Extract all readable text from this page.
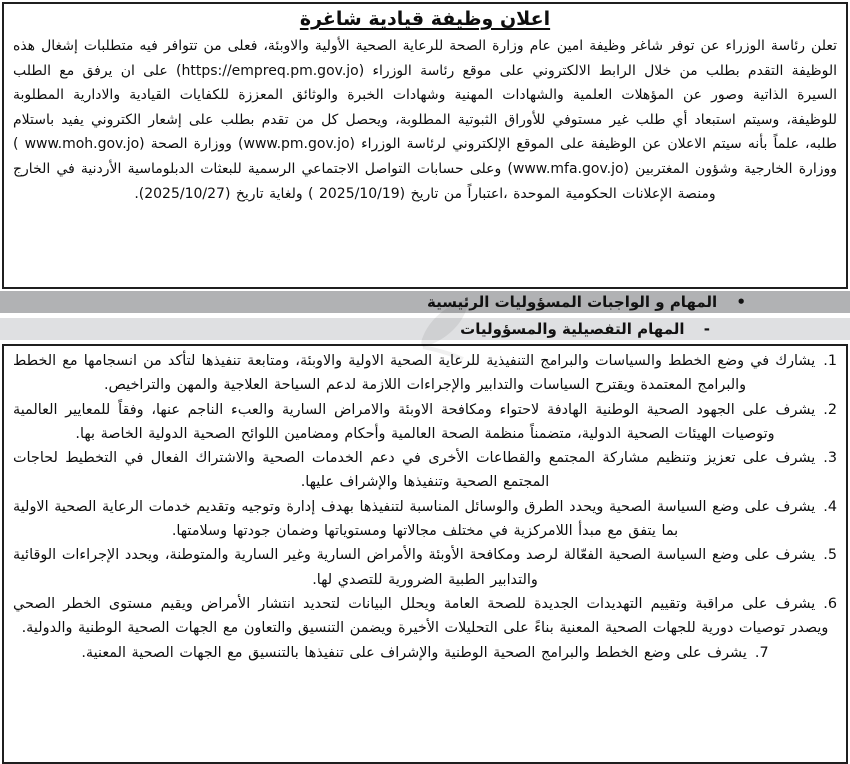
اعلان وظيفة قيادية شاغرة

تعلن رئاسة الوزراء عن توفر شاغر وظيفة امين عام وزارة الصحة للرعاية الصحية الأولية والاوبئة، فعلى من تتوافر فيه متطلبات إشغال هذه الوظيفة التقدم بطلب من خلال الرابط الالكتروني على موقع رئاسة الوزراء (https://empreq.pm.gov.jo) على ان يرفق مع الطلب السيرة الذاتية وصور عن المؤهلات العلمية والشهادات المهنية وشهادات الخبرة والوثائق المعززة للكفايات القيادية والادارية المطلوبة للوظيفة، وسيتم استبعاد أي طلب غير مستوفي للأوراق الثبوتية المطلوبة، ويحصل كل من تقدم بطلب على إشعار الكتروني يفيد باستلام طلبه، علماً بأنه سيتم الاعلان عن الوظيفة على الموقع الإلكتروني لرئاسة الوزراء (www.pm.gov.jo) ووزارة الصحة (www.moh.gov.jo ) ووزارة الخارجية وشؤون المغتربين (www.mfa.gov.jo) وعلى حسابات التواصل الاجتماعي الرسمية للبعثات الدبلوماسية الأردنية في الخارج ومنصة الإعلانات الحكومية الموحدة ،اعتباراً من تاريخ (2025/10/19 ) ولغاية تاريخ (2025/10/27).

• المهام و الواجبات المسؤوليات الرئيسية
- المهام التفصيلية والمسؤوليات

1.يشارك في وضع الخطط والسياسات والبرامج التنفيذية للرعاية الصحية الاولية والاوبئة، ومتابعة تنفيذها لتأكد من انسجامها مع الخطط والبرامج المعتمدة ويقترح السياسات والتدابير والإجراءات اللازمة لدعم السياحة العلاجية والمهن والتراخيص.

2.يشرف على الجهود الصحية الوطنية الهادفة لاحتواء ومكافحة الاوبئة والامراض السارية والعبء الناجم عنها، وفقاً للمعايير العالمية وتوصيات الهيئات الصحية الدولية، متضمناً منظمة الصحة العالمية وأحكام ومضامين اللوائح الصحية الدولية الخاصة بها.

3.يشرف على تعزيز وتنظيم مشاركة المجتمع والقطاعات الأخرى في دعم الخدمات الصحية والاشتراك الفعال في التخطيط لحاجات المجتمع الصحية وتنفيذها والإشراف عليها.

4.يشرف على وضع السياسة الصحية ويحدد الطرق والوسائل المناسبة لتنفيذها بهدف إدارة وتوجيه وتقديم خدمات الرعاية الصحية الاولية بما يتفق مع مبدأ اللامركزية في مختلف مجالاتها ومستوياتها وضمان جودتها وسلامتها.

5.يشرف على وضع السياسة الصحية الفعّالة لرصد ومكافحة الأوبئة والأمراض السارية وغير السارية والمتوطنة، ويحدد الإجراءات الوقائية والتدابير الطبية الضرورية للتصدي لها.

6.يشرف على مراقبة وتقييم التهديدات الجديدة للصحة العامة ويحلل البيانات لتحديد انتشار الأمراض ويقيم مستوى الخطر الصحي ويصدر توصيات دورية للجهات الصحية المعنية بناءً على التحليلات الأخيرة ويضمن التنسيق والتعاون مع الجهات الصحية الوطنية والدولية.

7.يشرف على وضع الخطط والبرامج الصحية الوطنية والإشراف على تنفيذها بالتنسيق مع الجهات الصحية المعنية.
